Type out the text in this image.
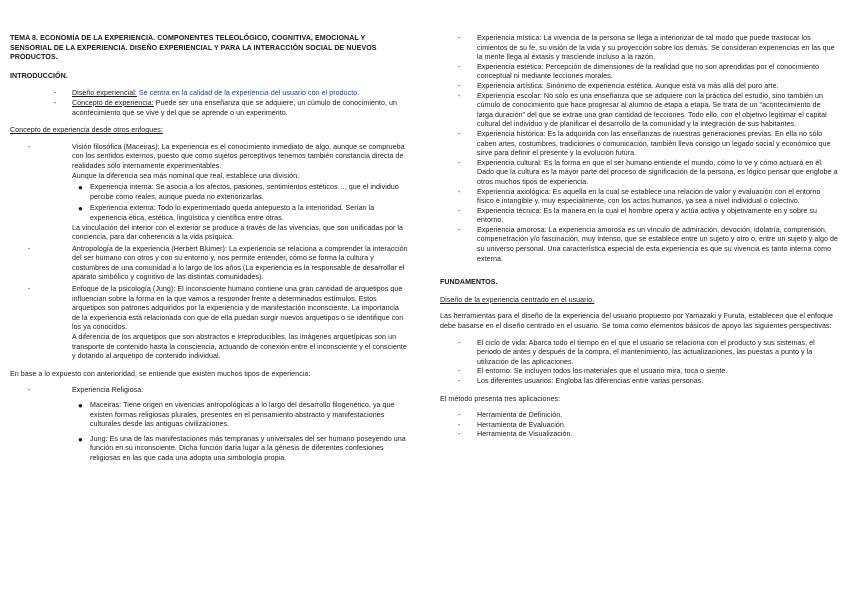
TEMA 8. ECONOMÍA DE LA EXPERIENCIA. COMPONENTES TELEOLÓGICO, COGNITIVA, EMOCIONAL Y SENSORIAL DE LA EXPERIENCIA. DISEÑO EXPERIENCIAL Y PARA LA INTERACCIÓN SOCIAL DE NUEVOS PRODUCTOS.

INTRODUCCIÓN.

- Diseño experiencial: Se centra en la calidad de la experiencia del usuario con el producto.

- Concepto de experiencia: Puede ser una enseñanza que se adquiere, un cúmulo de conocimiento, un acontecimiento que se vive y del que se aprende o un experimento.

Concepto de experiencia desde otros enfoques:

-	Visión filosófica (Maceiras): La experiencia es el conocimiento inmediato de algo, aunque se comprueba con los sentidos externos, puesto que como sujetos perceptivos tenemos también constancia directa de realidades sólo internamente experimentables.

Aunque la diferencia sea más nominal que real, establece una división:

● Experiencia interna: Se asocia a los afectos, pasiones, sentimientos estéticos…, que el individuo percibe como reales, aunque pueda no exteriorizarlas.

● Experiencia externa: Todo lo experimentado queda antepuesto a la interioridad. Serían la experiencia ética, estética, lingüística y científica entre otras.

La vinculación del interior con el exterior se produce a través de las vivencias, que son unificadas por la conciencia, para dar coherencia a la vida psíquica.

-	Antropología de la experiencia (Herbert Blumer): La experiencia se relaciona a comprender la interacción del ser humano con otros y con su entorno y, nos permite entender, cómo se forma la cultura y costumbres de una comunidad a lo largo de los años (La experiencia es la responsable de desarrollar el aparato simbólico y cognitivo de las distintas comunidades).

-	Enfoque de la psicología (Jung): El inconsciente humano contiene una gran cantidad de arquetipos que influencian sobre la forma en la que vamos a responder frente a determinados estímulos. Estos arquetipos son patrones adquiridos por la experiencia y de manifestación inconsciente. La importancia de la experiencia está relacionada con que de ella puedan surgir nuevos arquetipos o se identifique con los ya conocidos.

A diferencia de los arquetipos que son abstractos e irreproducibles, las imágenes arquetípicas son un transporte de contenido hasta la consciencia, actuando de conexión entre el inconsciente y el consciente y dotando al arquetipo de contenido individual.

En base a lo expuesto con anterioridad, se entiende que existen muchos tipos de experiencia:

-	Experiencia Religiosa:

● Maceiras: Tiene origen en vivencias antropológicas a lo largo del desarrollo filogenético, ya que existen formas religiosas plurales, presentes en el pensamiento abstracto y manifestaciones culturales desde las antiguas civilizaciones.

● Jung: Es una de las manifestaciones más tempranas y universales del ser humano poseyendo una función en su inconsciente. Dicha función daría lugar a la génesis de diferentes confesiones religiosas en las que cada una adopta una simbología propia.

- Experiencia mística: La vivencia de la persona se llega a interiorizar de tal modo que puede trastocar los cimientos de su fe, su visión de la vida y su proyección sobre los demás. Se consideran experiencias en las que la mente llega al éxtasis y trasciende incluso a la razón.

- Experiencia estética: Percepción de dimensiones de la realidad que no son aprendidas por el conocimiento conceptual ni mediante lecciones morales.

- Experiencia artística: Sinónimo de experiencia estética. Aunque esta va más allá del puro arte.

- Experiencia escolar: No sólo es una enseñanza que se adquiere con la práctica del estudio, sino también un cúmulo de conocimiento que hace progresar al alumno de etapa a etapa. Se trata de un “acontecimiento de larga duración” del que se extrae una gran cantidad de lecciones. Todo ello, con el objetivo legitimar el capital cultural del individuo y de planificar el desarrollo de la comunidad y la integración de sus habitantes.

- Experiencia histórica: Es la adquirida con las enseñanzas de nuestras generaciones previas. En ella no sólo caben artes, costumbres, tradiciones o comunicación, también lleva consigo un legado social y económico que sirve para definir el presente y la evolución futura.

- Experiencia cultural: Es la forma en que el ser humano entiende el mundo, cómo lo ve y cómo actuará en él. Dado que la cultura es la mayor parte del proceso de significación de la persona, es lógico pensar que englobe a otros muchos tipos de experiencia.

- Experiencia axiológica: Es aquella en la cual se establece una relación de valor y evaluación con el entorno físico e intangible y, muy especialmente, con los actos humanos, ya sea a nivel individual o colectivo.

- Experiencia técnica: Es la manera en la cual el hombre opera y actúa activa y objetivamente en y sobre su entorno.

- Experiencia amorosa: La experiencia amorosa es un vínculo de admiración, devoción, idolatría, comprensión, compenetración y/o fascinación, muy intenso, que se establece entre un sujeto y otro o, entre un sujeto y algo de su universo personal. Una característica especial de esta experiencia es que su vivencia es tanto interna como externa.

FUNDAMENTOS.

Diseño de la experiencia centrado en el usuario.

Las herramientas para el diseño de la experiencia del usuario propuesto por Yamazaki y Furuta, establecen que el enfoque debe basarse en el diseño centrado en el usuario. Se toma como elementos básicos de apoyo las siguientes perspectivas:

- El ciclo de vida: Abarca todo el tiempo en el que el usuario se relaciona con el producto y sus sistemas, el periodo de antes y después de la compra, el mantenimiento, las actualizaciones, las puestas a punto y la utilización de las aplicaciones.

- El entorno: Se incluyen todos los materiales que el usuario mira, toca o siente.

- Los diferentes usuarios: Engloba las diferencias entre varias personas.

El método presenta tres aplicaciones:

- Herramienta de Definición.

- Herramienta de Evaluación.

- Herramienta de Visualización.
